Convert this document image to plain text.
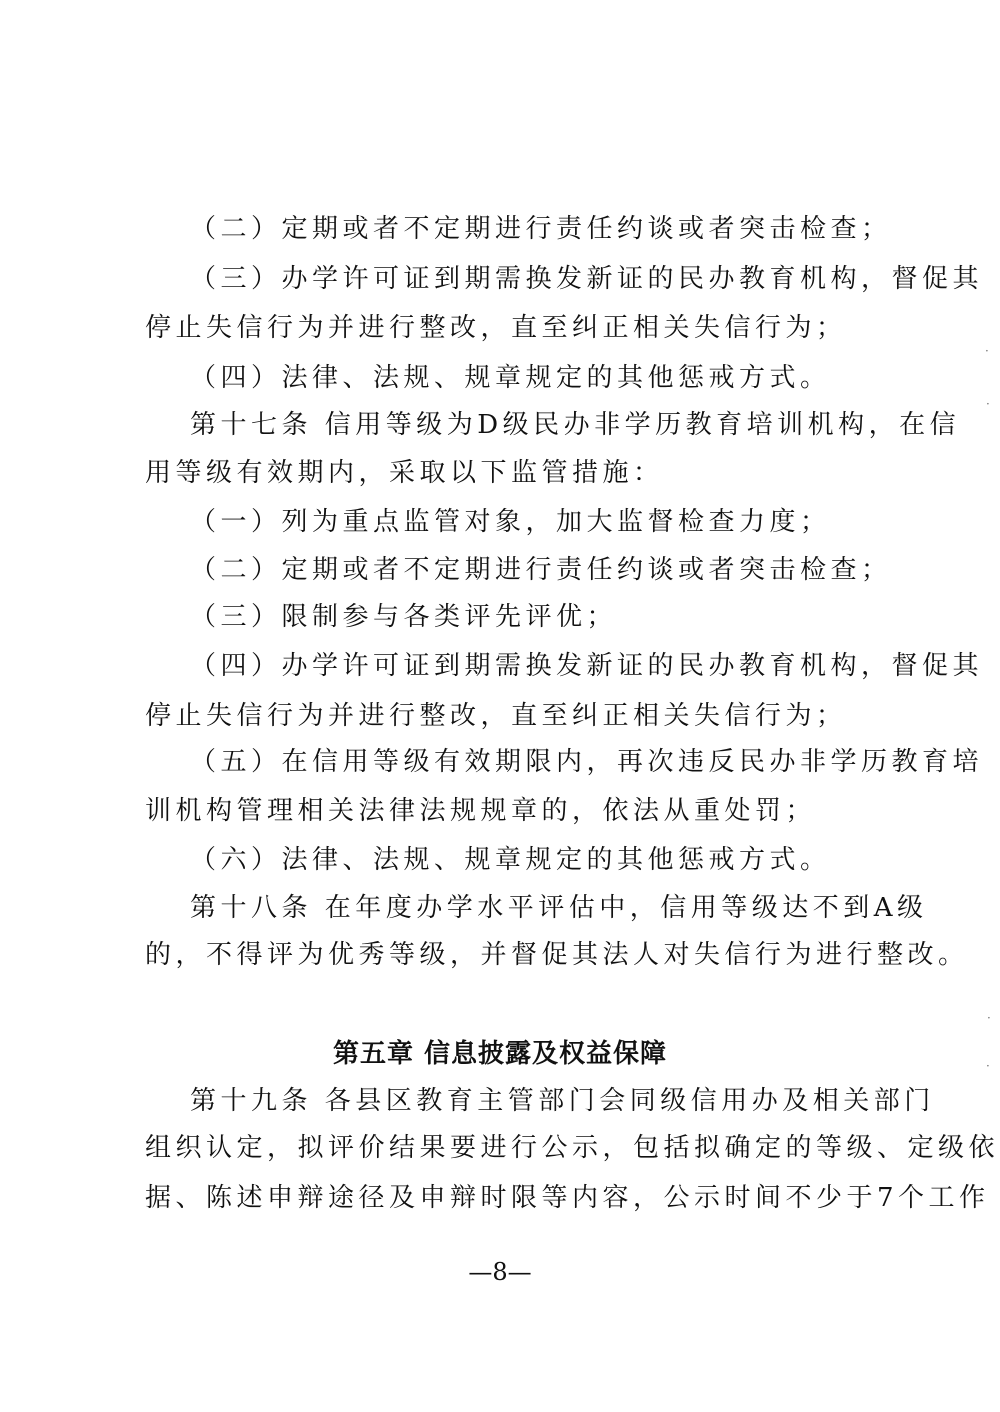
（二）定期或者不定期进行责任约谈或者突击检查；
（三）办学许可证到期需换发新证的民办教育机构，督促其
停止失信行为并进行整改，直至纠正相关失信行为；
（四）法律、法规、规章规定的其他惩戒方式。
第十七条 信用等级为D级民办非学历教育培训机构，在信
用等级有效期内，采取以下监管措施：
（一）列为重点监管对象，加大监督检查力度；
（二）定期或者不定期进行责任约谈或者突击检查；
（三）限制参与各类评先评优；
（四）办学许可证到期需换发新证的民办教育机构，督促其
停止失信行为并进行整改，直至纠正相关失信行为；
（五）在信用等级有效期限内，再次违反民办非学历教育培
训机构管理相关法律法规规章的，依法从重处罚；
（六）法律、法规、规章规定的其他惩戒方式。
第十八条 在年度办学水平评估中，信用等级达不到A级
的，不得评为优秀等级，并督促其法人对失信行为进行整改。
第五章 信息披露及权益保障
第十九条 各县区教育主管部门会同级信用办及相关部门
组织认定，拟评价结果要进行公示，包括拟确定的等级、定级依
据、陈述申辩途径及申辩时限等内容，公示时间不少于7个工作
—8—
·
·
·
·
